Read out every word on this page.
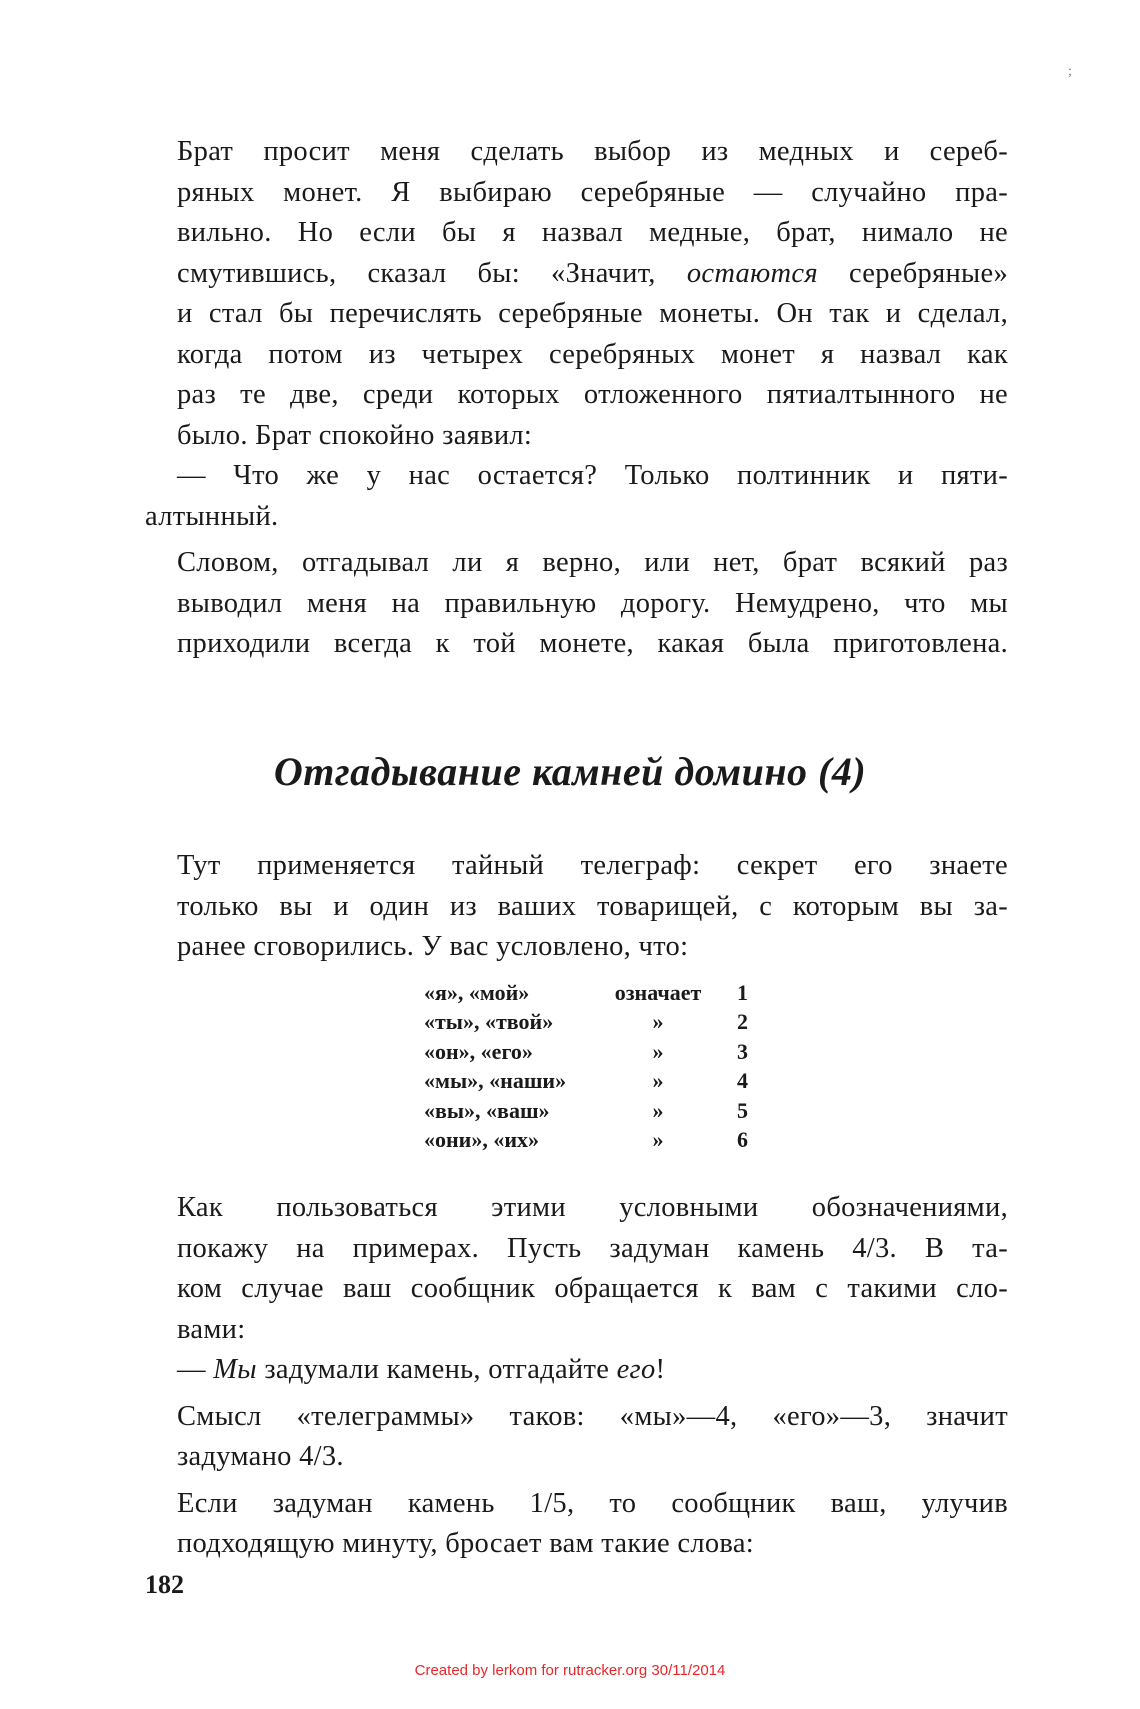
;

Брат просит меня сделать выбор из медных и сереб-
ряных монет. Я выбираю серебряные — случайно пра-
вильно. Но если бы я назвал медные, брат, нимало не
смутившись, сказал бы: «Значит, остаются серебряные»
и стал бы перечислять серебряные монеты. Он так и сделал,
когда потом из четырех серебряных монет я назвал как
раз те две, среди которых отложенного пятиалтынного не
было. Брат спокойно заявил:

— Что же у нас остается? Только полтинник и пяти-
алтынный.

Словом, отгадывал ли я верно, или нет, брат всякий раз
выводил меня на правильную дорогу. Немудрено, что мы
приходили всегда к той монете, какая была приготовлена.

Отгадывание камней домино (4)

Тут применяется тайный телеграф: секрет его знаете
только вы и один из ваших товарищей, с которым вы за-
ранее сговорились. У вас условлено, что:

«я», «мой»	означает	1
«ты», «твой»	»	2
«он», «его»	»	3
«мы», «наши»	»	4
«вы», «ваш»	»	5
«они», «их»	»	6

Как пользоваться этими условными обозначениями,
покажу на примерах. Пусть задуман камень 4/3. В та-
ком случае ваш сообщник обращается к вам с такими сло-
вами:

— Мы задумали камень, отгадайте его!

Смысл «телеграммы» таков: «мы»—4, «его»—3, значит
задумано 4/3.

Если задуман камень 1/5, то сообщник ваш, улучив
подходящую минуту, бросает вам такие слова:

182
Created by lerkom for rutracker.org 30/11/2014
